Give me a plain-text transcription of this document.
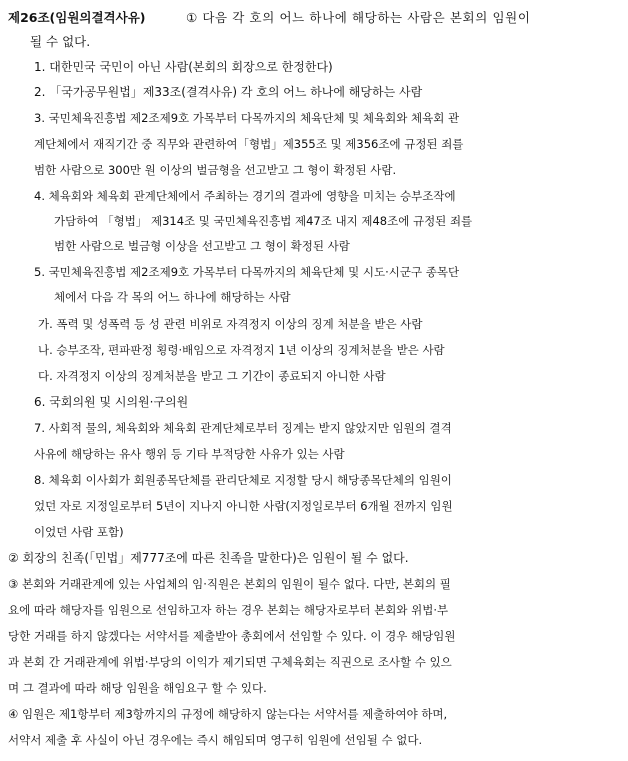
제26조(임원의결격사유)	① 다음 각 호의 어느 하나에 해당하는 사람은 본회의 임원이
될 수 없다.
1. 대한민국 국민이 아닌 사람(본회의 회장으로 한정한다)
2. 「국가공무원법」제33조(결격사유) 각 호의 어느 하나에 해당하는 사람
3. 국민체육진흥법 제2조제9호 가목부터 다목까지의 체육단체 및 체육회와 체육회 관
계단체에서 재직기간 중 직무와 관련하여「형법」제355조 및 제356조에 규정된 죄를
범한 사람으로 300만 원 이상의 벌금형을 선고받고 그 형이 확정된 사람.
4. 체육회와 체육회 관계단체에서 주최하는 경기의 결과에 영향을 미치는 승부조작에
가담하여 「형법」 제314조 및 국민체육진흥법 제47조 내지 제48조에 규정된 죄를
범한 사람으로 벌금형 이상을 선고받고 그 형이 확정된 사람
5. 국민체육진흥법 제2조제9호 가목부터 다목까지의 체육단체 및 시도·시군구 종목단
체에서 다음 각 목의 어느 하나에 해당하는 사람
가. 폭력 및 성폭력 등 성 관련 비위로 자격정지 이상의 징계 처분을 받은 사람
나. 승부조작, 편파판정 횡령·배임으로 자격정지 1년 이상의 징계처분을 받은 사람
다. 자격정지 이상의 징계처분을 받고 그 기간이 종료되지 아니한 사람
6. 국회의원 및 시의원·구의원
7. 사회적 물의, 체육회와 체육회 관계단체로부터 징계는 받지 않았지만 임원의 결격
사유에 해당하는 유사 행위 등 기타 부적당한 사유가 있는 사람
8. 체육회 이사회가 회원종목단체를 관리단체로 지정할 당시 해당종목단체의 임원이
었던 자로 지정일로부터 5년이 지나지 아니한 사람(지정일로부터 6개월 전까지 임원
이었던 사람 포함)
② 회장의 친족(「민법」제777조에 따른 친족을 말한다)은 임원이 될 수 없다.
③ 본회와 거래관계에 있는 사업체의 임·직원은 본회의 임원이 될수 없다. 다만, 본회의 필
요에 따라 해당자를 임원으로 선임하고자 하는 경우 본회는 해당자로부터 본회와 위법·부
당한 거래를 하지 않겠다는 서약서를 제출받아 총회에서 선임할 수 있다. 이 경우 해당임원
과 본회 간 거래관계에 위법·부당의 이익가 제기되면 구체육회는 직권으로 조사할 수 있으
며 그 결과에 따라 해당 임원을 해임요구 할 수 있다.
④ 임원은 제1항부터 제3항까지의 규정에 해당하지 않는다는 서약서를 제출하여야 하며,
서약서 제출 후 사실이 아닌 경우에는 즉시 해임되며 영구히 임원에 선임될 수 없다.
